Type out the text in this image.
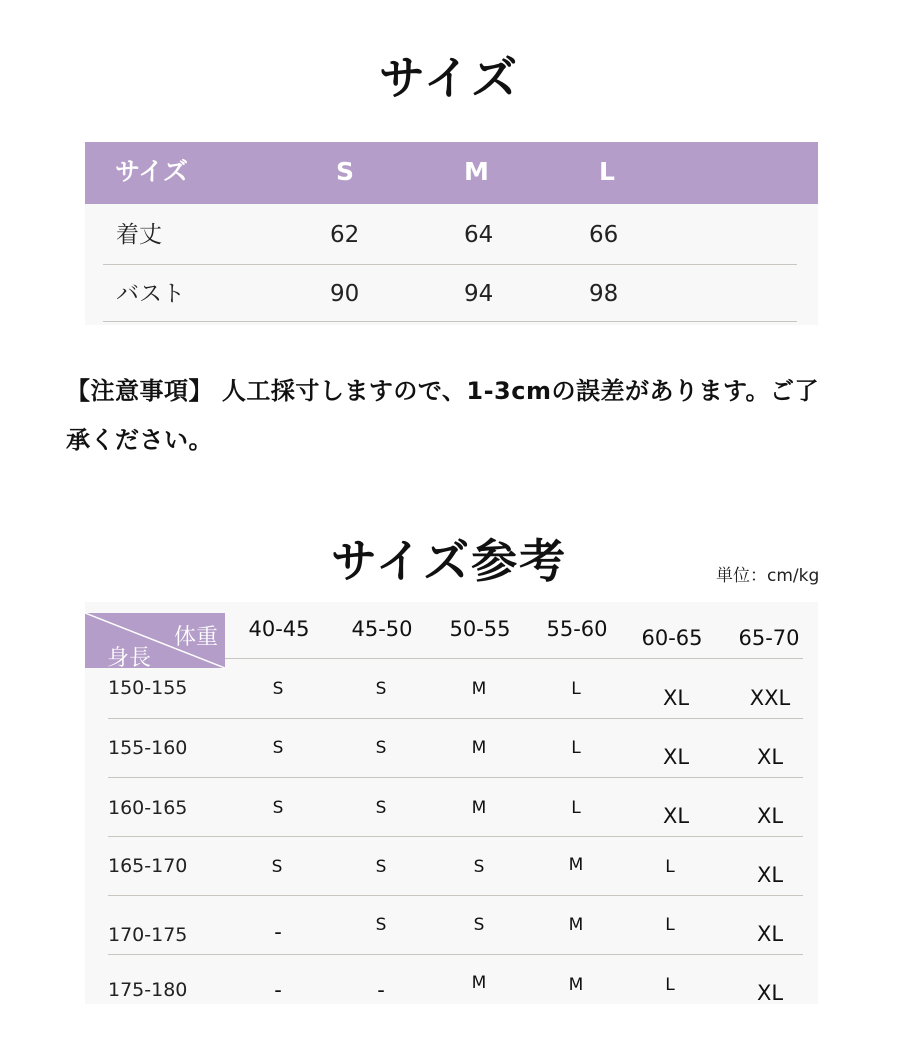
サイズ
サイズ	S	M	L
着丈	62	64	66
バスト	90	94	98
【注意事項】 人工採寸しますので、1-3cmの誤差があります。ご了
承ください。
サイズ参考	単位：cm/kg
体重
身長
40-45	45-50	50-55	55-60	60-65	65-70
150-155	S	S	M	L	XL	XXL
155-160	S	S	M	L	XL	XL
160-165	S	S	M	L	XL	XL
165-170	S	S	S	M	L	XL
170-175	-	S	S	M	L	XL
175-180	-	-	M	M	L	XL
